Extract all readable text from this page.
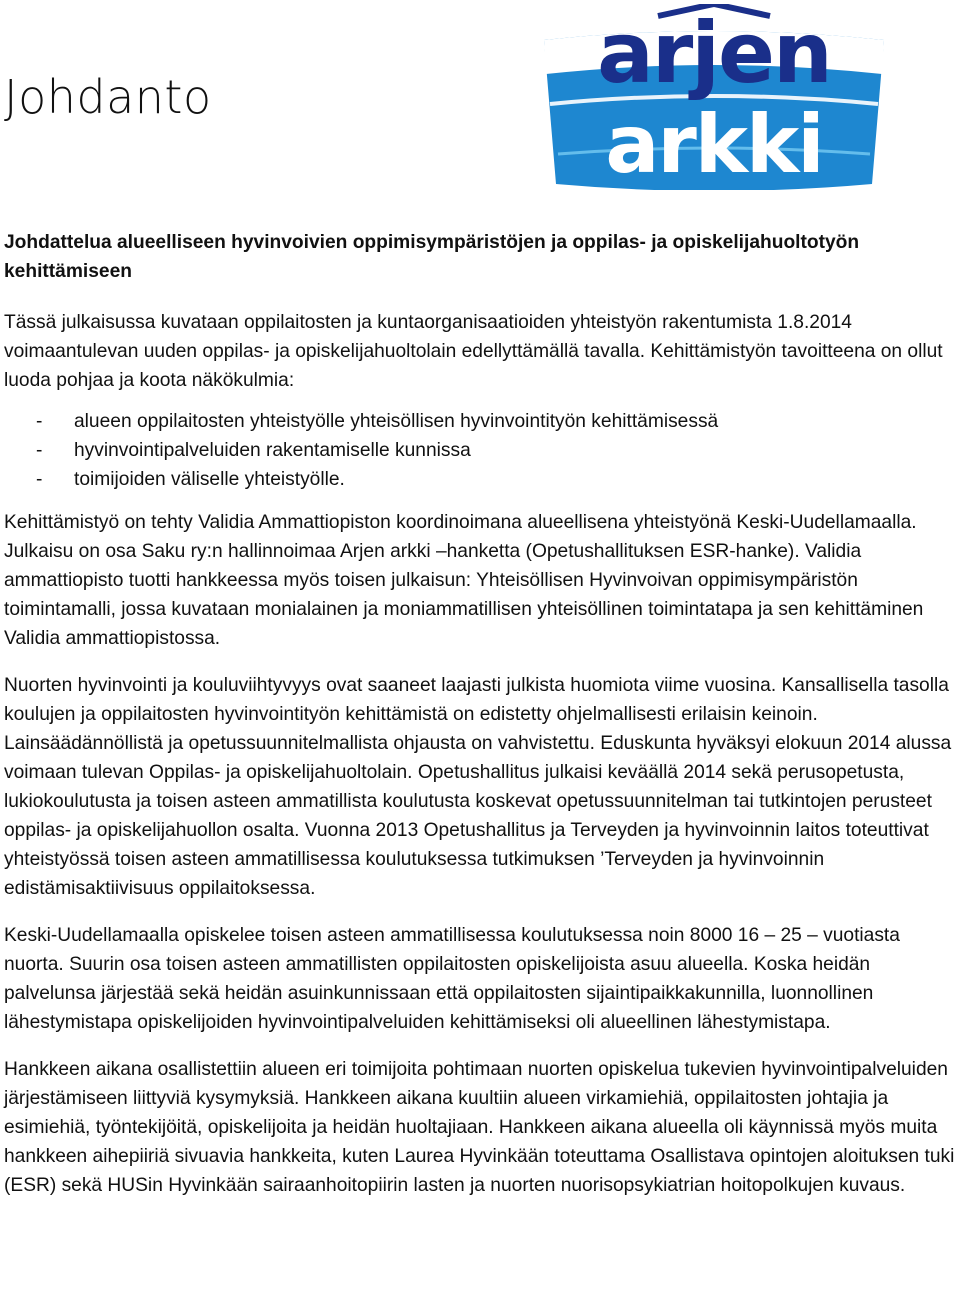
Johdanto	arjen
arkki

Johdattelua alueelliseen hyvinvoivien oppimisympäristöjen ja oppilas- ja opiskelijahuoltotyön kehittämiseen

Tässä julkaisussa kuvataan oppilaitosten ja kuntaorganisaatioiden yhteistyön rakentumista 1.8.2014 voimaantulevan uuden oppilas- ja opiskelijahuoltolain edellyttämällä tavalla. Kehittämistyön tavoitteena on ollut luoda pohjaa ja koota näkökulmia:

- alueen oppilaitosten yhteistyölle yhteisöllisen hyvinvointityön kehittämisessä
- hyvinvointipalveluiden rakentamiselle kunnissa
- toimijoiden väliselle yhteistyölle.

Kehittämistyö on tehty Validia Ammattiopiston koordinoimana alueellisena yhteistyönä Keski-Uudellamaalla. Julkaisu on osa Saku ry:n hallinnoimaa Arjen arkki –hanketta (Opetushallituksen ESR-hanke). Validia ammattiopisto tuotti hankkeessa myös toisen julkaisun: Yhteisöllisen Hyvinvoivan oppimisympäristön toimintamalli, jossa kuvataan monialainen ja moniammatillisen yhteisöllinen toimintatapa ja sen kehittäminen Validia ammattiopistossa.

Nuorten hyvinvointi ja kouluviihtyvyys ovat saaneet laajasti julkista huomiota viime vuosina. Kansallisella tasolla koulujen ja oppilaitosten hyvinvointityön kehittämistä on edistetty ohjelmallisesti erilaisin keinoin. Lainsäädännöllistä ja opetussuunnitelmallista ohjausta on vahvistettu. Eduskunta hyväksyi elokuun 2014 alussa voimaan tulevan Oppilas- ja opiskelijahuoltolain. Opetushallitus julkaisi keväällä 2014 sekä perusopetusta, lukiokoulutusta ja toisen asteen ammatillista koulutusta koskevat opetussuunnitelman tai tutkintojen perusteet oppilas- ja opiskelijahuollon osalta. Vuonna 2013 Opetushallitus ja Terveyden ja hyvinvoinnin laitos toteuttivat yhteistyössä toisen asteen ammatillisessa koulutuksessa tutkimuksen ’Terveyden ja hyvinvoinnin edistämisaktiivisuus oppilaitoksessa.

Keski-Uudellamaalla opiskelee toisen asteen ammatillisessa koulutuksessa noin 8000 16 – 25 – vuotiasta nuorta. Suurin osa toisen asteen ammatillisten oppilaitosten opiskelijoista asuu alueella. Koska heidän palvelunsa järjestää sekä heidän asuinkunnissaan että oppilaitosten sijaintipaikkakunnilla, luonnollinen lähestymistapa opiskelijoiden hyvinvointipalveluiden kehittämiseksi oli alueellinen lähestymistapa.

Hankkeen aikana osallistettiin alueen eri toimijoita pohtimaan nuorten opiskelua tukevien hyvinvointipalveluiden järjestämiseen liittyviä kysymyksiä. Hankkeen aikana kuultiin alueen virkamiehiä, oppilaitosten johtajia ja esimiehiä, työntekijöitä, opiskelijoita ja heidän huoltajiaan. Hankkeen aikana alueella oli käynnissä myös muita hankkeen aihepiiriä sivuavia hankkeita, kuten Laurea Hyvinkään toteuttama Osallistava opintojen aloituksen tuki (ESR) sekä HUSin Hyvinkään sairaanhoitopiirin lasten ja nuorten nuorisopsykiatrian hoitopolkujen kuvaus.
